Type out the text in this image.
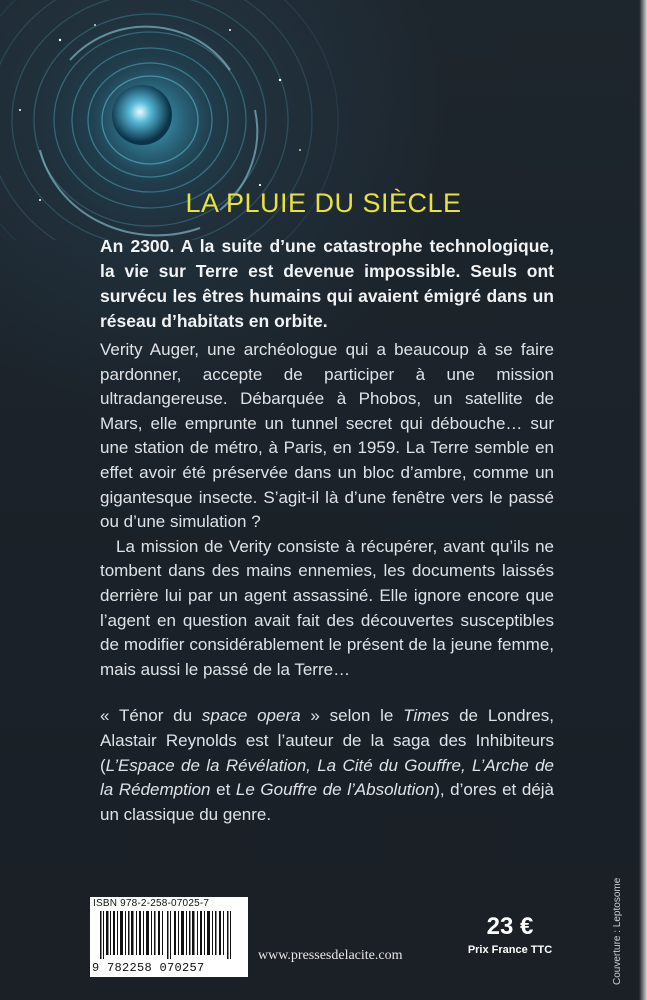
LA PLUIE DU SIÈCLE

An 2300. A la suite d’une catastrophe technologique, la vie sur Terre est devenue impossible. Seuls ont survécu les êtres humains qui avaient émigré dans un réseau d’habitats en orbite.

Verity Auger, une archéologue qui a beaucoup à se faire pardonner, accepte de participer à une mission ultradangereuse. Débarquée à Phobos, un satellite de Mars, elle emprunte un tunnel secret qui débouche… sur une station de métro, à Paris, en 1959. La Terre semble en effet avoir été préservée dans un bloc d’ambre, comme un gigantesque insecte. S’agit-il là d’une fenêtre vers le passé ou d’une simulation ?

La mission de Verity consiste à récupérer, avant qu’ils ne tombent dans des mains ennemies, les documents laissés derrière lui par un agent assassiné. Elle ignore encore que l’agent en question avait fait des découvertes susceptibles de modifier considérablement le présent de la jeune femme, mais aussi le passé de la Terre…

« Ténor du space opera » selon le Times de Londres, Alastair Reynolds est l’auteur de la saga des Inhibiteurs (L’Espace de la Révélation, La Cité du Gouffre, L’Arche de la Rédemption et Le Gouffre de l’Absolution), d’ores et déjà un classique du genre.

ISBN 978-2-258-07025-7
9 782258 070257
www.pressesdelacite.com
23 €
Prix France TTC	Couverture : Leptosome
